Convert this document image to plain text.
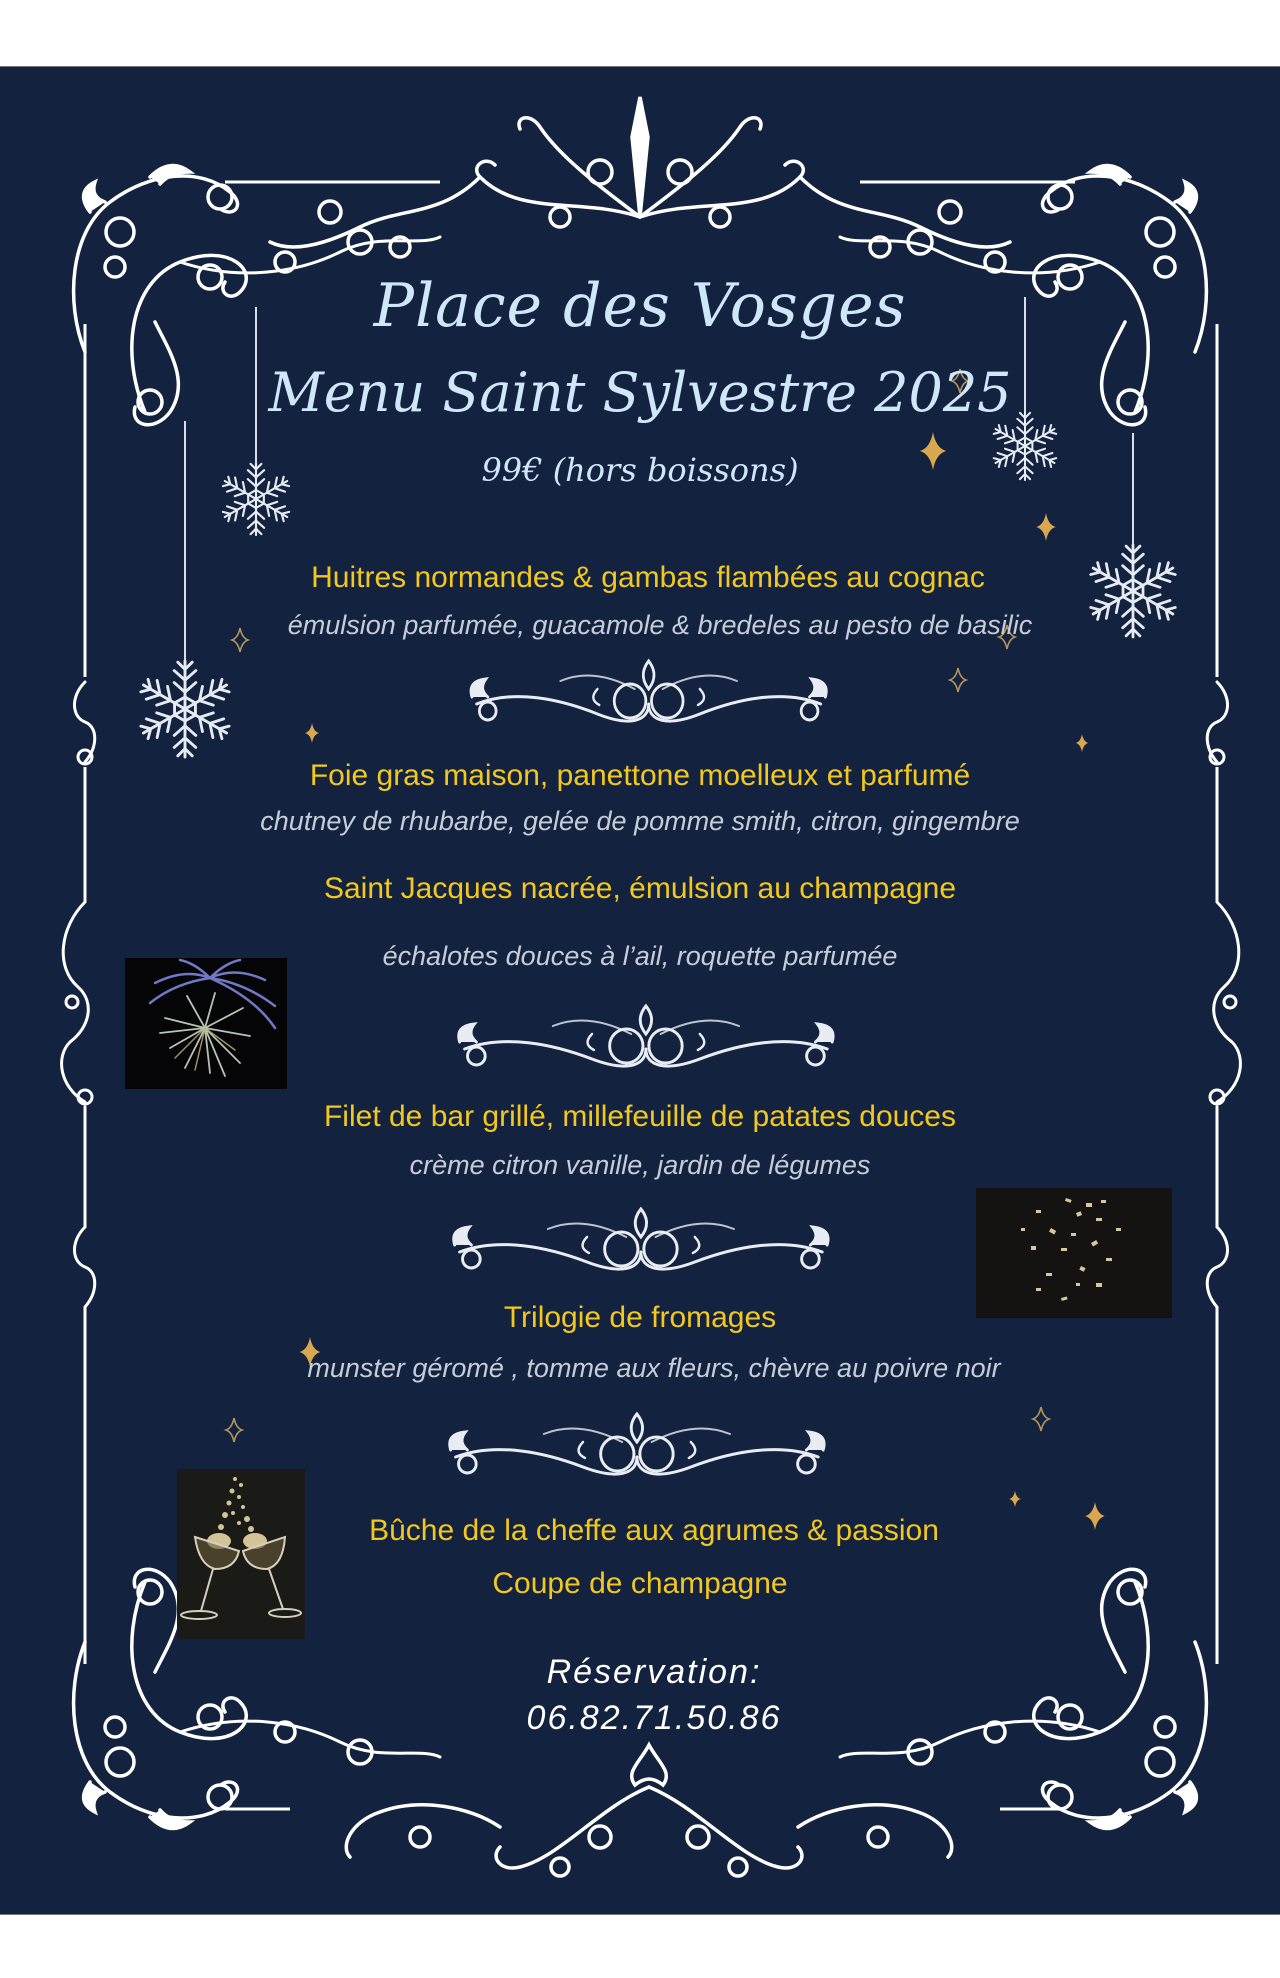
Place des Vosges
Menu Saint Sylvestre 2025
99€ (hors boissons)
Huitres normandes & gambas flambées au cognac
émulsion parfumée, guacamole & bredeles au pesto de basilic
Foie gras maison, panettone moelleux et parfumé
chutney de rhubarbe, gelée de pomme smith, citron, gingembre
Saint Jacques nacrée, émulsion au champagne
échalotes douces à l’ail, roquette parfumée
Filet de bar grillé, millefeuille de patates douces
crème citron vanille, jardin de légumes
Trilogie de fromages
munster géromé , tomme aux fleurs, chèvre au poivre noir
Bûche de la cheffe aux agrumes & passion
Coupe de champagne
Réservation:
06.82.71.50.86
